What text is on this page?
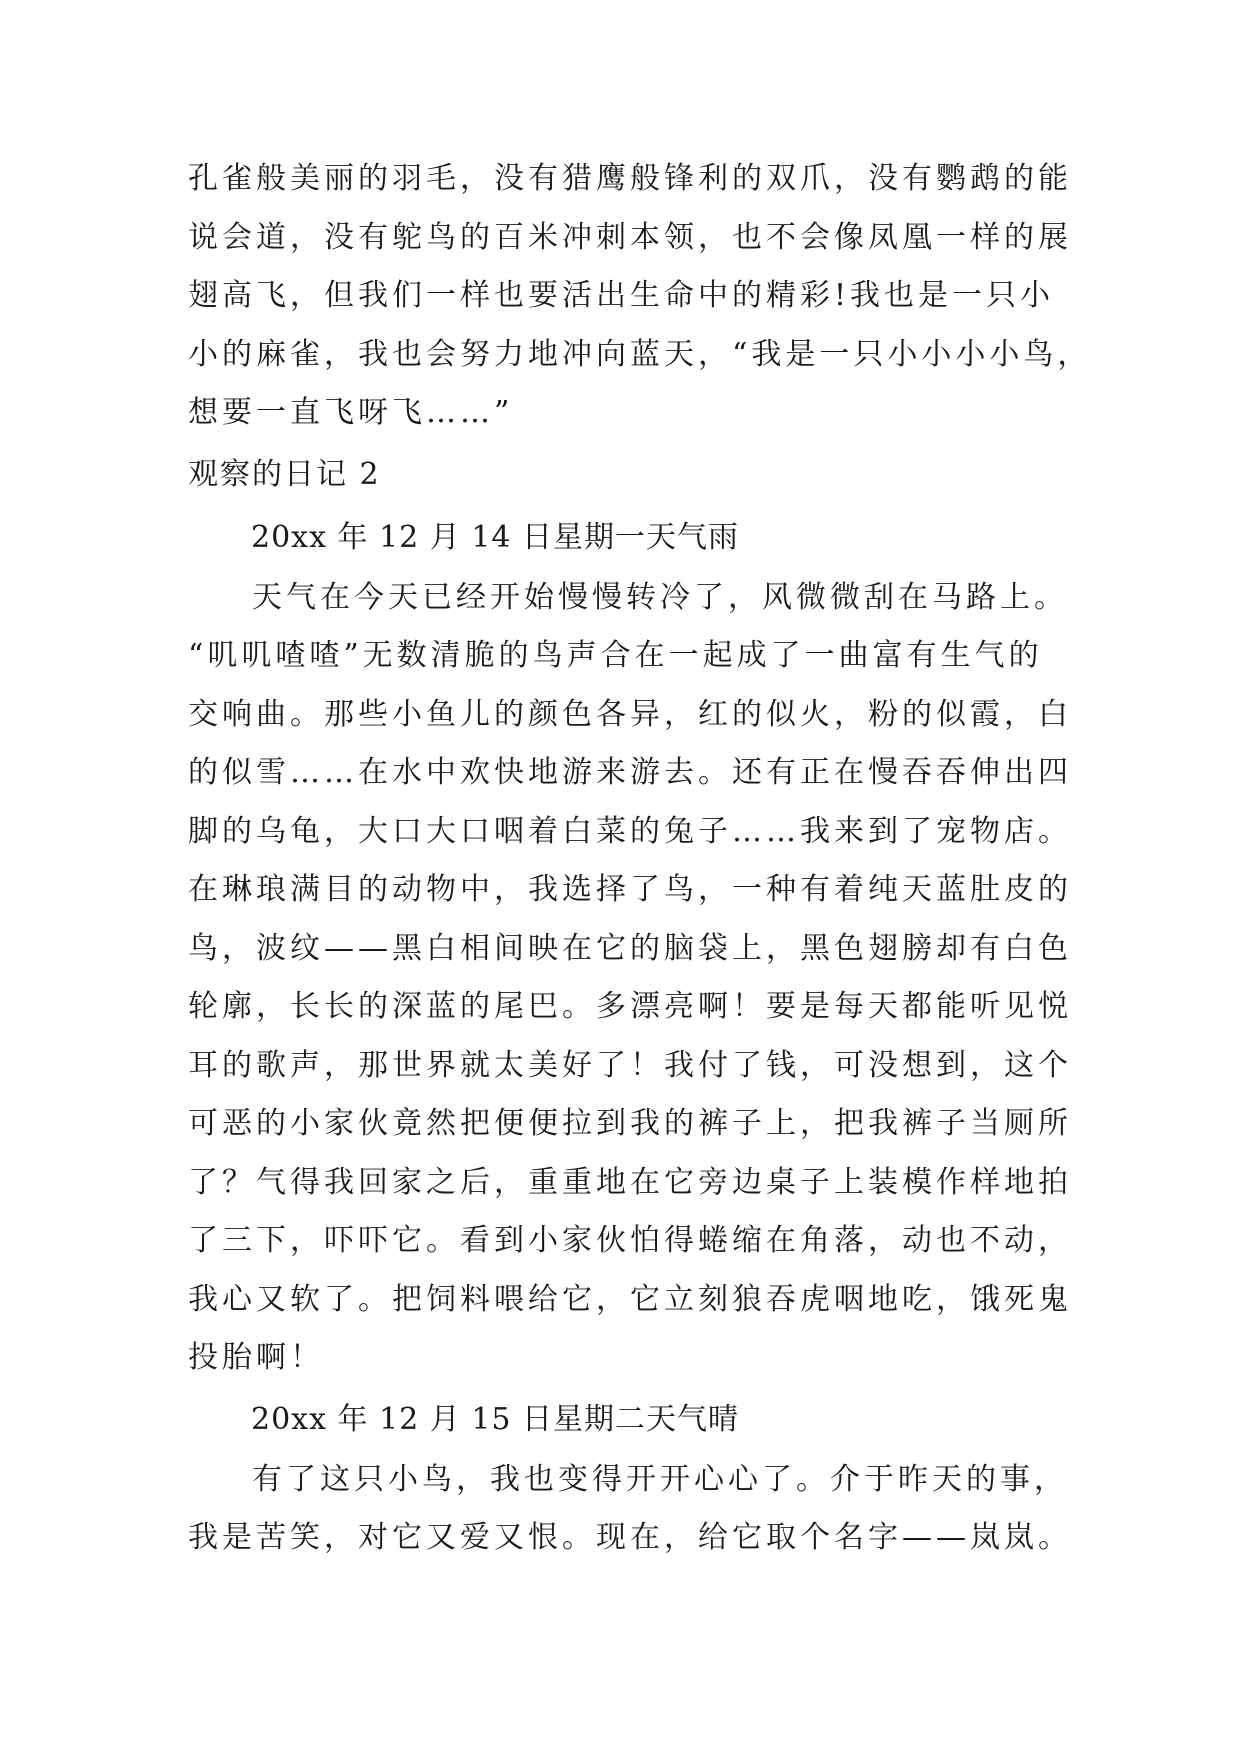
孔雀般美丽的羽毛，没有猎鹰般锋利的双爪，没有鹦鹉的能
说会道，没有鸵鸟的百米冲刺本领，也不会像凤凰一样的展
翅高飞，但我们一样也要活出生命中的精彩!我也是一只小
小的麻雀，我也会努力地冲向蓝天，“我是一只小小小小鸟，
想要一直飞呀飞……”
观察的日记 2
20xx 年 12 月 14 日星期一天气雨
天气在今天已经开始慢慢转冷了，风微微刮在马路上。
“叽叽喳喳”无数清脆的鸟声合在一起成了一曲富有生气的
交响曲。那些小鱼儿的颜色各异，红的似火，粉的似霞，白
的似雪……在水中欢快地游来游去。还有正在慢吞吞伸出四
脚的乌龟，大口大口咽着白菜的兔子……我来到了宠物店。
在琳琅满目的动物中，我选择了鸟，一种有着纯天蓝肚皮的
鸟，波纹——黑白相间映在它的脑袋上，黑色翅膀却有白色
轮廓，长长的深蓝的尾巴。多漂亮啊！要是每天都能听见悦
耳的歌声，那世界就太美好了！我付了钱，可没想到，这个
可恶的小家伙竟然把便便拉到我的裤子上，把我裤子当厕所
了？气得我回家之后，重重地在它旁边桌子上装模作样地拍
了三下，吓吓它。看到小家伙怕得蜷缩在角落，动也不动，
我心又软了。把饲料喂给它，它立刻狼吞虎咽地吃，饿死鬼
投胎啊！
20xx 年 12 月 15 日星期二天气晴
有了这只小鸟，我也变得开开心心了。介于昨天的事，
我是苦笑，对它又爱又恨。现在，给它取个名字——岚岚。
